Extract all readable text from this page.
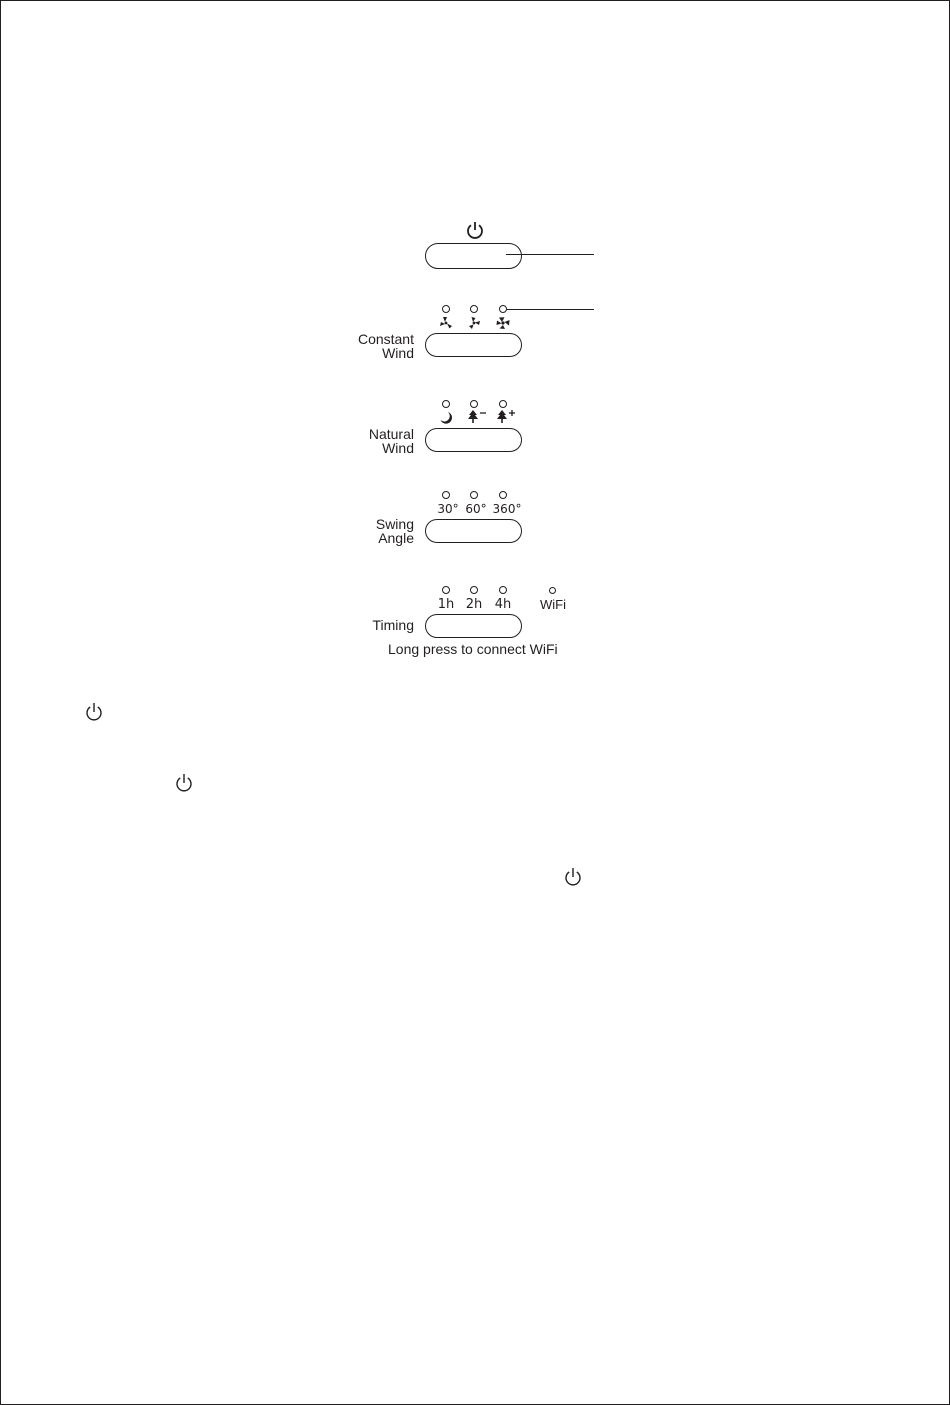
Constant
Wind
Natural
Wind
30° 60° 360°
Swing
Angle
1h 2h 4h	WiFi
Timing
Long press to connect WiFi
